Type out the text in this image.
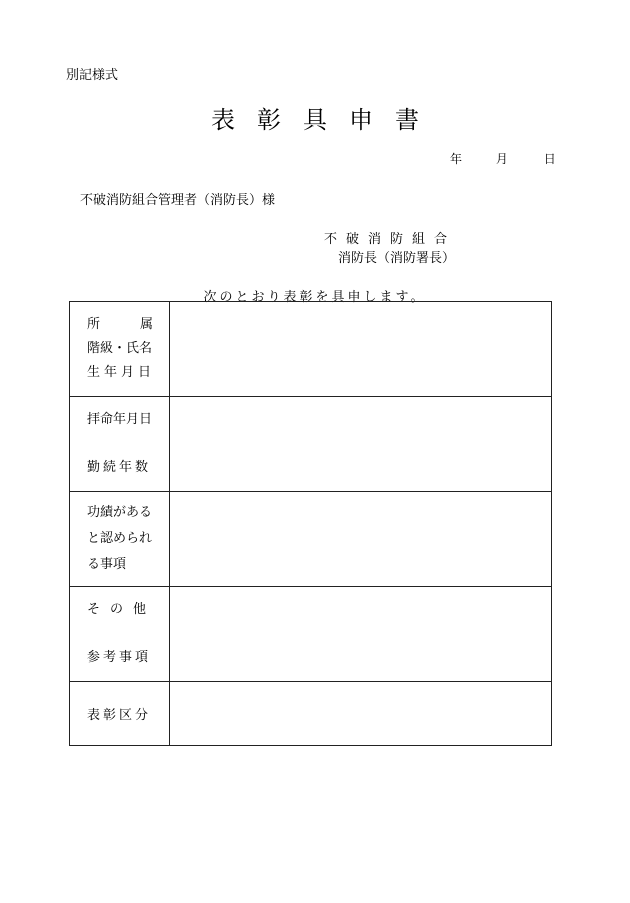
別記様式
表彰具申書
年	月	日
不破消防組合管理者（消防長）様
不破消防組合
消防長（消防署長）
次のとおり表彰を具申します。
所 属
階級・氏名
生年月日	

拝命年月日
勤続年数	

功績がある
と認められ
る事項	

その他
参考事項	

表彰区分	
